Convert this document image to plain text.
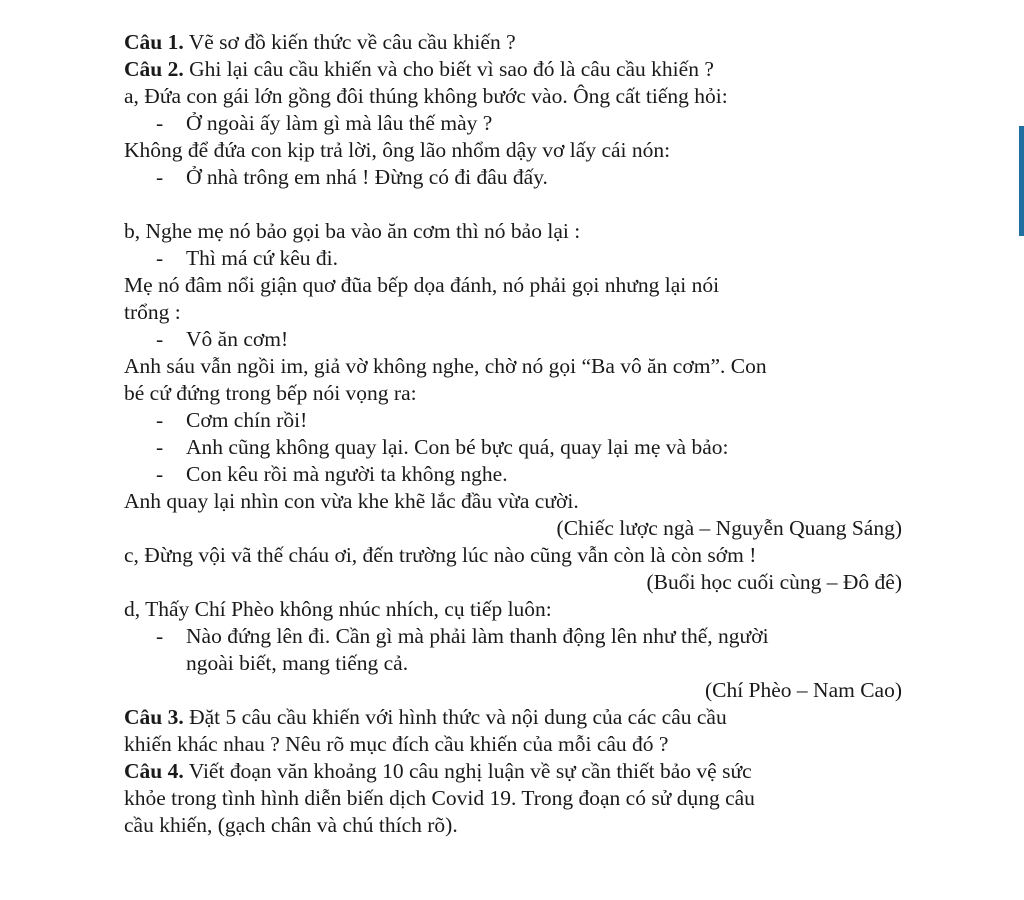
Câu 1. Vẽ sơ đồ kiến thức về câu cầu khiến ?
Câu 2. Ghi lại câu cầu khiến và cho biết vì sao đó là câu cầu khiến ?
a, Đứa con gái lớn gồng đôi thúng không bước vào. Ông cất tiếng hỏi:
- Ở ngoài ấy làm gì mà lâu thế mày ?
Không để đứa con kịp trả lời, ông lão nhổm dậy vơ lấy cái nón:
- Ở nhà trông em nhá ! Đừng có đi đâu đấy.
b, Nghe mẹ nó bảo gọi ba vào ăn cơm thì nó bảo lại :
- Thì má cứ kêu đi.
Mẹ nó đâm nổi giận quơ đũa bếp dọa đánh, nó phải gọi nhưng lại nói
trổng :
- Vô ăn cơm!
Anh sáu vẫn ngồi im, giả vờ không nghe, chờ nó gọi “Ba vô ăn cơm”. Con
bé cứ đứng trong bếp nói vọng ra:
- Cơm chín rồi!
- Anh cũng không quay lại. Con bé bực quá, quay lại mẹ và bảo:
- Con kêu rồi mà người ta không nghe.
Anh quay lại nhìn con vừa khe khẽ lắc đầu vừa cười.
(Chiếc lược ngà – Nguyễn Quang Sáng)
c, Đừng vội vã thế cháu ơi, đến trường lúc nào cũng vẫn còn là còn sớm !
(Buổi học cuối cùng – Đô đê)
d, Thấy Chí Phèo không nhúc nhích, cụ tiếp luôn:
- Nào đứng lên đi. Cần gì mà phải làm thanh động lên như thế, người
ngoài biết, mang tiếng cả.
(Chí Phèo – Nam Cao)
Câu 3. Đặt 5 câu cầu khiến với hình thức và nội dung của các câu cầu
khiến khác nhau ? Nêu rõ mục đích cầu khiến của mỗi câu đó ?
Câu 4. Viết đoạn văn khoảng 10 câu nghị luận về sự cần thiết bảo vệ sức
khỏe trong tình hình diễn biến dịch Covid 19. Trong đoạn có sử dụng câu
cầu khiến, (gạch chân và chú thích rõ).
